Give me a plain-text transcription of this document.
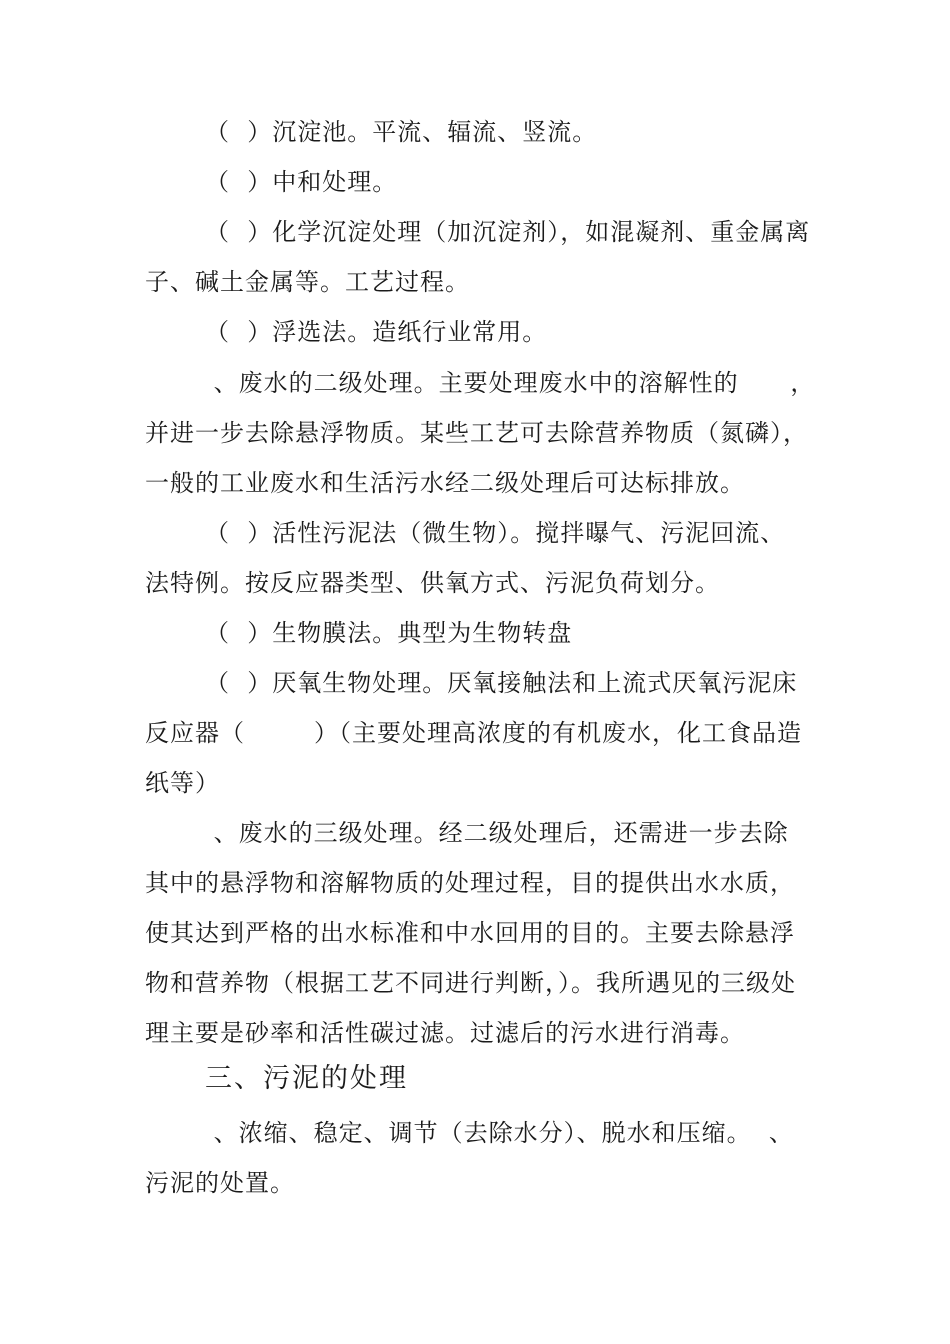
（  ）沉淀池。平流、辐流、竖流。
（  ）中和处理。
（  ）化学沉淀处理（加沉淀剂），如混凝剂、重金属离
子、碱土金属等。工艺过程。
（  ）浮选法。造纸行业常用。
、废水的二级处理。主要处理废水中的溶解性的      ，
并进一步去除悬浮物质。某些工艺可去除营养物质（氮磷），
一般的工业废水和生活污水经二级处理后可达标排放。
（  ）活性污泥法（微生物）。搅拌曝气、污泥回流、
法特例。按反应器类型、供氧方式、污泥负荷划分。
（  ）生物膜法。典型为生物转盘
（  ）厌氧生物处理。厌氧接触法和上流式厌氧污泥床
反应器（        ）（主要处理高浓度的有机废水，化工食品造
纸等）
、废水的三级处理。经二级处理后，还需进一步去除
其中的悬浮物和溶解物质的处理过程，目的提供出水水质，
使其达到严格的出水标准和中水回用的目的。主要去除悬浮
物和营养物（根据工艺不同进行判断，）。我所遇见的三级处
理主要是砂率和活性碳过滤。过滤后的污水进行消毒。
三、污泥的处理
、浓缩、稳定、调节（去除水分）、脱水和压缩。  、
污泥的处置。
